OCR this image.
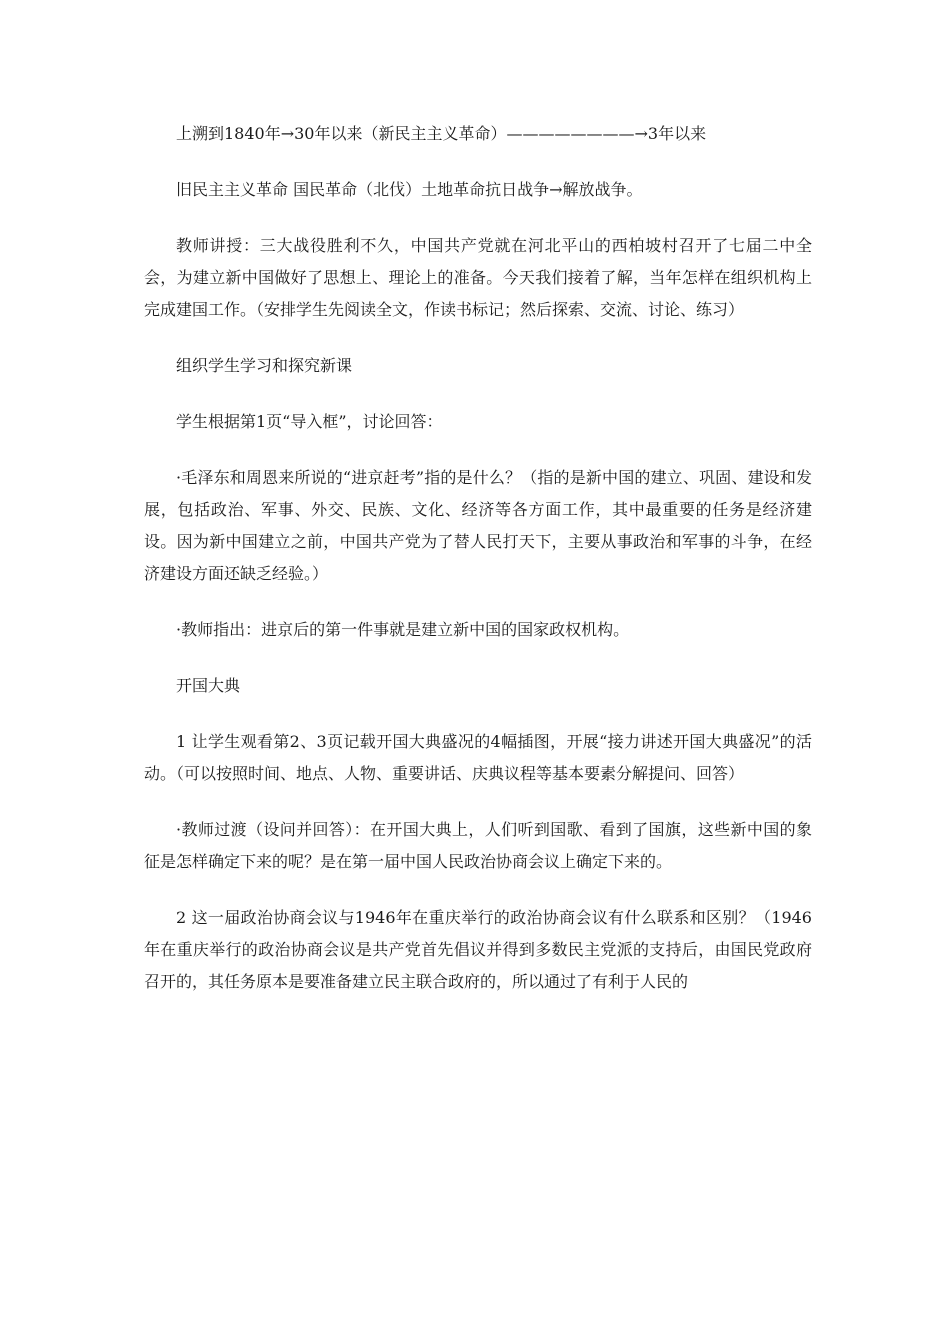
上溯到1840年→30年以来（新民主主义革命）————————→3年以来

旧民主主义革命 国民革命（北伐）土地革命抗日战争→解放战争。

教师讲授：三大战役胜利不久，中国共产党就在河北平山的西柏坡村召开了七届二中全会，为建立新中国做好了思想上、理论上的准备。今天我们接着了解，当年怎样在组织机构上完成建国工作。（安排学生先阅读全文，作读书标记；然后探索、交流、讨论、练习）

组织学生学习和探究新课

学生根据第1页“导入框”，讨论回答：

·毛泽东和周恩来所说的“进京赶考”指的是什么？（指的是新中国的建立、巩固、建设和发展，包括政治、军事、外交、民族、文化、经济等各方面工作，其中最重要的任务是经济建设。因为新中国建立之前，中国共产党为了替人民打天下，主要从事政治和军事的斗争，在经济建设方面还缺乏经验。）

·教师指出：进京后的第一件事就是建立新中国的国家政权机构。

开国大典

1 让学生观看第2、3页记载开国大典盛况的4幅插图，开展“接力讲述开国大典盛况”的活动。（可以按照时间、地点、人物、重要讲话、庆典议程等基本要素分解提问、回答）

·教师过渡（设问并回答）：在开国大典上，人们听到国歌、看到了国旗，这些新中国的象征是怎样确定下来的呢？是在第一届中国人民政治协商会议上确定下来的。

2 这一届政治协商会议与1946年在重庆举行的政治协商会议有什么联系和区别？（1946年在重庆举行的政治协商会议是共产党首先倡议并得到多数民主党派的支持后，由国民党政府召开的，其任务原本是要准备建立民主联合政府的，所以通过了有利于人民的
